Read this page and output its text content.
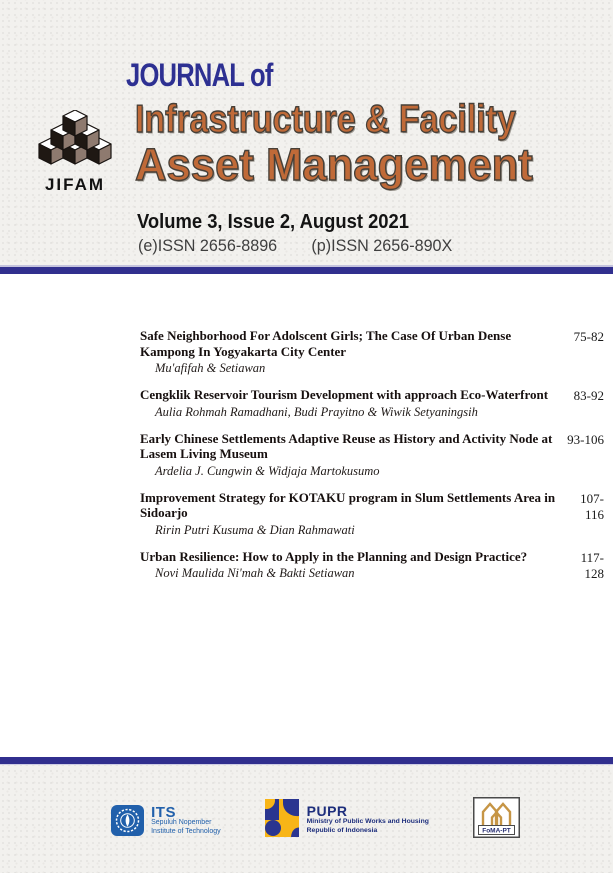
JIFAM
JOURNAL of
Infrastructure & Facility
Asset Management
Volume 3, Issue 2, August 2021
(e)ISSN 2656-8896 (p)ISSN 2656-890X
Safe Neighborhood For Adolscent Girls; The Case Of Urban Dense Kampong In Yogyakarta City Center
Mu'afifah & Setiawan
75-82
Cengklik Reservoir Tourism Development with approach Eco-Waterfront
Aulia Rohmah Ramadhani, Budi Prayitno & Wiwik Setyaningsih
83-92
Early Chinese Settlements Adaptive Reuse as History and Activity Node at Lasem Living Museum
Ardelia J. Cungwin & Widjaja Martokusumo
93-106
Improvement Strategy for KOTAKU program in Slum Settlements Area in Sidoarjo
Ririn Putri Kusuma & Dian Rahmawati
107-116
Urban Resilience: How to Apply in the Planning and Design Practice?
Novi Maulida Ni'mah & Bakti Setiawan
117-128
ITS
Sepuluh Nopember
Institute of Technology
PUPR
Ministry of Public Works and Housing
Republic of Indonesia	FoMA-PT
